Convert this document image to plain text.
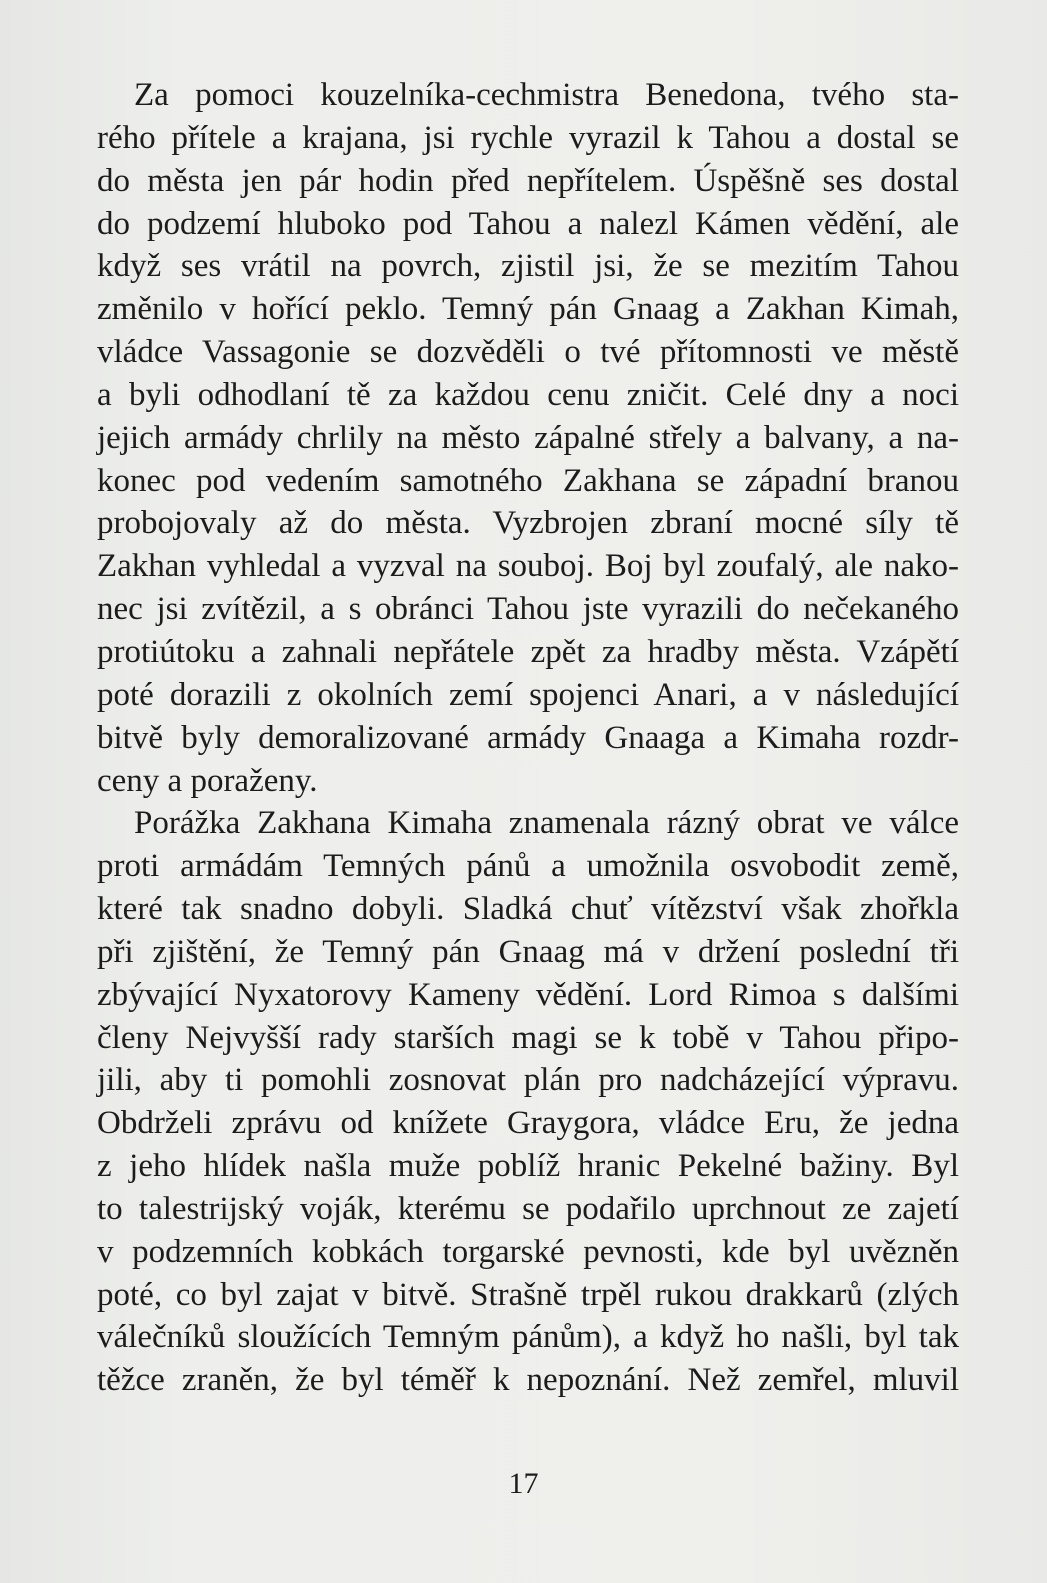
Za pomoci kouzelníka-cechmistra Benedona, tvého sta-
rého přítele a krajana, jsi rychle vyrazil k Tahou a dostal se
do města jen pár hodin před nepřítelem. Úspěšně ses dostal
do podzemí hluboko pod Tahou a nalezl Kámen vědění, ale
když ses vrátil na povrch, zjistil jsi, že se mezitím Tahou
změnilo v hořící peklo. Temný pán Gnaag a Zakhan Kimah,
vládce Vassagonie se dozvěděli o tvé přítomnosti ve městě
a byli odhodlaní tě za každou cenu zničit. Celé dny a noci
jejich armády chrlily na město zápalné střely a balvany, a na-
konec pod vedením samotného Zakhana se západní branou
probojovaly až do města. Vyzbrojen zbraní mocné síly tě
Zakhan vyhledal a vyzval na souboj. Boj byl zoufalý, ale nako-
nec jsi zvítězil, a s obránci Tahou jste vyrazili do nečekaného
protiútoku a zahnali nepřátele zpět za hradby města. Vzápětí
poté dorazili z okolních zemí spojenci Anari, a v následující
bitvě byly demoralizované armády Gnaaga a Kimaha rozdr-
ceny a poraženy.

Porážka Zakhana Kimaha znamenala rázný obrat ve válce
proti armádám Temných pánů a umožnila osvobodit země,
které tak snadno dobyli. Sladká chuť vítězství však zhořkla
při zjištění, že Temný pán Gnaag má v držení poslední tři
zbývající Nyxatorovy Kameny vědění. Lord Rimoa s dalšími
členy Nejvyšší rady starších magi se k tobě v Tahou připo-
jili, aby ti pomohli zosnovat plán pro nadcházející výpravu.
Obdrželi zprávu od knížete Graygora, vládce Eru, že jedna
z jeho hlídek našla muže poblíž hranic Pekelné bažiny. Byl
to talestrijský voják, kterému se podařilo uprchnout ze zajetí
v podzemních kobkách torgarské pevnosti, kde byl uvězněn
poté, co byl zajat v bitvě. Strašně trpěl rukou drakkarů (zlých
válečníků sloužících Temným pánům), a když ho našli, byl tak
těžce zraněn, že byl téměř k nepoznání. Než zemřel, mluvil

17
